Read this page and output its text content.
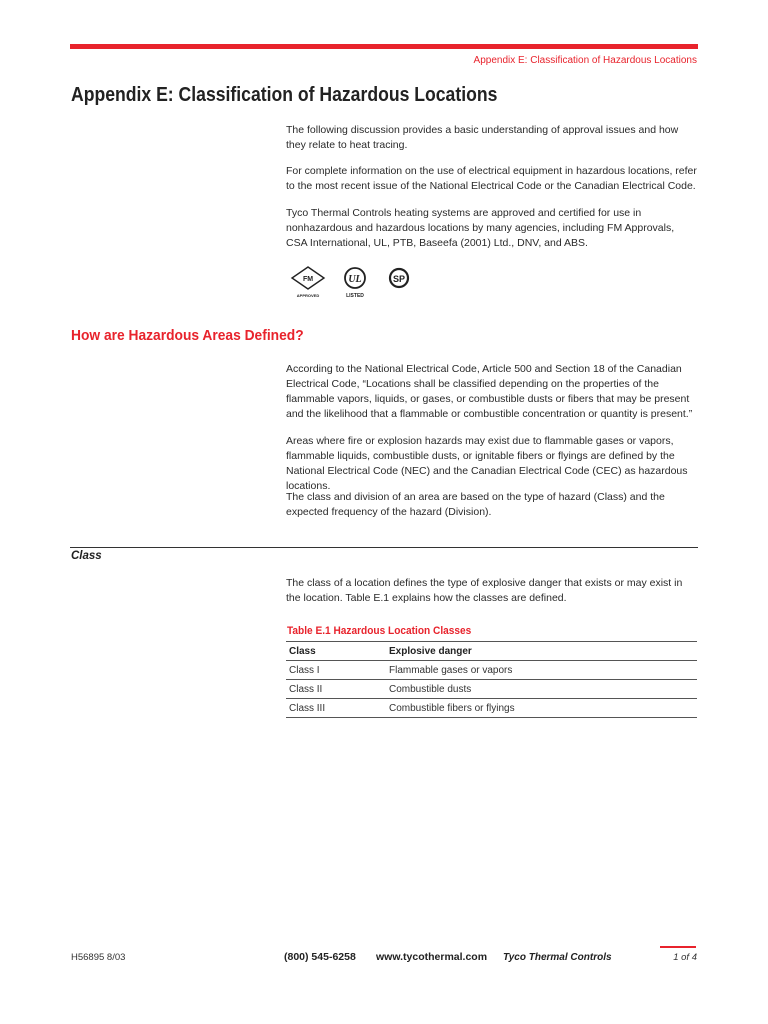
Appendix E: Classification of Hazardous Locations
Appendix E: Classification of Hazardous Locations

The following discussion provides a basic understanding of approval issues and how they relate to heat tracing.

For complete information on the use of electrical equipment in hazardous locations, refer to the most recent issue of the National Electrical Code or the Canadian Electrical Code.

Tyco Thermal Controls heating systems are approved and certified for use in nonhazardous and hazardous locations by many agencies, including FM Approvals, CSA International, UL, PTB, Baseefa (2001) Ltd., DNV, and ABS.

FM
APPROVED
UL
LISTED
SP
How are Hazardous Areas Defined?

According to the National Electrical Code, Article 500 and Section 18 of the Canadian Electrical Code, “Locations shall be classified depending on the properties of the flammable vapors, liquids, or gases, or combustible dusts or fibers that may be present and the likelihood that a flammable or combustible concentration or quantity is present.”

Areas where fire or explosion hazards may exist due to flammable gases or vapors, flammable liquids, combustible dusts, or ignitable fibers or flyings are defined by the National Electrical Code (NEC) and the Canadian Electrical Code (CEC) as hazardous locations.

The class and division of an area are based on the type of hazard (Class) and the expected frequency of the hazard (Division).

Class

The class of a location defines the type of explosive danger that exists or may exist in the location. Table E.1 explains how the classes are defined.

Table E.1 Hazardous Location Classes
Class	Explosive danger
Class I	Flammable gases or vapors
Class II	Combustible dusts
Class III	Combustible fibers or flyings
H56895 8/03	(800) 545-6258 www.tycothermal.com Tyco Thermal Controls	1 of 4
